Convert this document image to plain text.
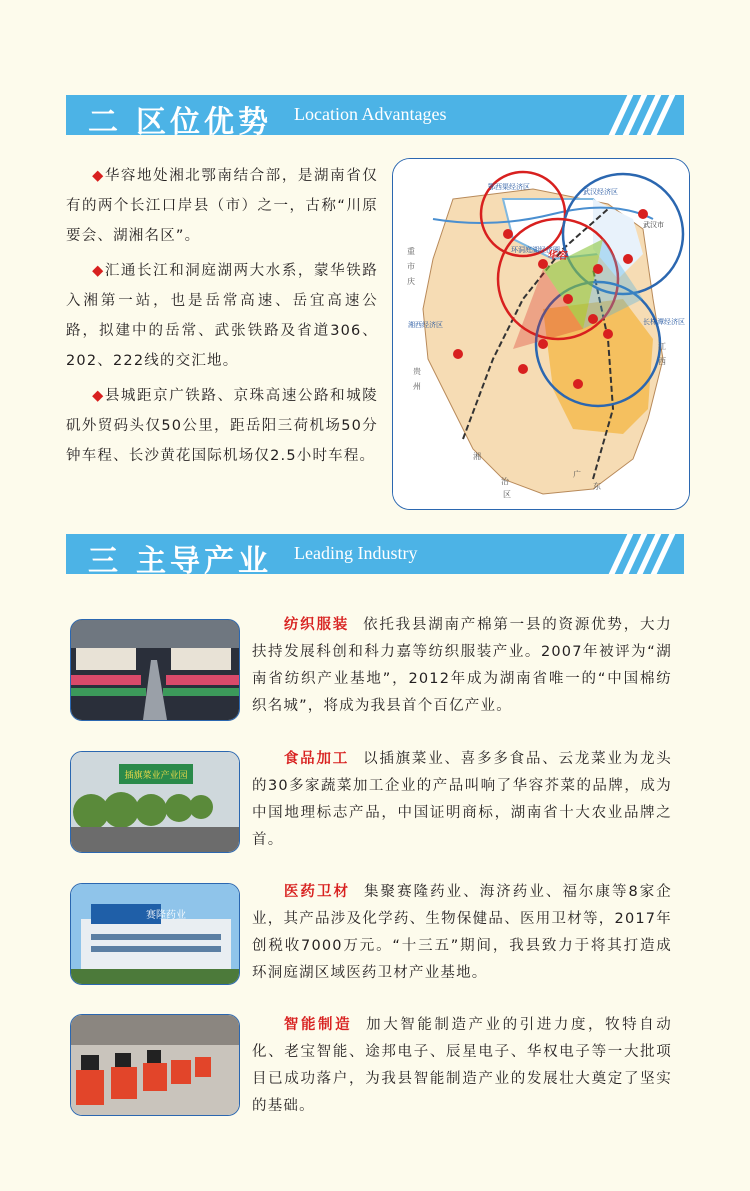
二 区位优势 Location Advantages

◆华容地处湘北鄂南结合部，是湖南省仅有的两个长江口岸县（市）之一，古称“川原要会、湖湘名区”。

◆汇通长江和洞庭湖两大水系，蒙华铁路入湘第一站，也是岳常高速、岳宜高速公路，拟建中的岳常、武张铁路及省道306、202、222线的交汇地。

◆县城距京广铁路、京珠高速公路和城陵矶外贸码头仅50公里，距岳阳三荷机场50分钟车程、长沙黄花国际机场仅2.5小时车程。

鄂西渠经济区
武汉经济区
武汉市
环洞庭湖经济圈
华容
长株潭经济区
湘西经济区
重
市
庆
贵
州
江
西
广
东
湘
治
区
三 主导产业 Leading Industry
纺织服装 依托我县湖南产棉第一县的资源优势，大力扶持发展科创和科力嘉等纺织服装产业。2007年被评为“湖南省纺织产业基地”，2012年成为湖南省唯一的“中国棉纺织名城”，将成为我县首个百亿产业。
插旗菜业产业园
食品加工 以插旗菜业、喜多多食品、云龙菜业为龙头的30多家蔬菜加工企业的产品叫响了华容芥菜的品牌，成为中国地理标志产品，中国证明商标，湖南省十大农业品牌之首。
赛隆药业
医药卫材 集聚赛隆药业、海济药业、福尔康等8家企业，其产品涉及化学药、生物保健品、医用卫材等，2017年创税收7000万元。“十三五”期间，我县致力于将其打造成环洞庭湖区域医药卫材产业基地。
智能制造 加大智能制造产业的引进力度，牧特自动化、老宝智能、途邦电子、辰星电子、华权电子等一大批项目已成功落户，为我县智能制造产业的发展壮大奠定了坚实的基础。
